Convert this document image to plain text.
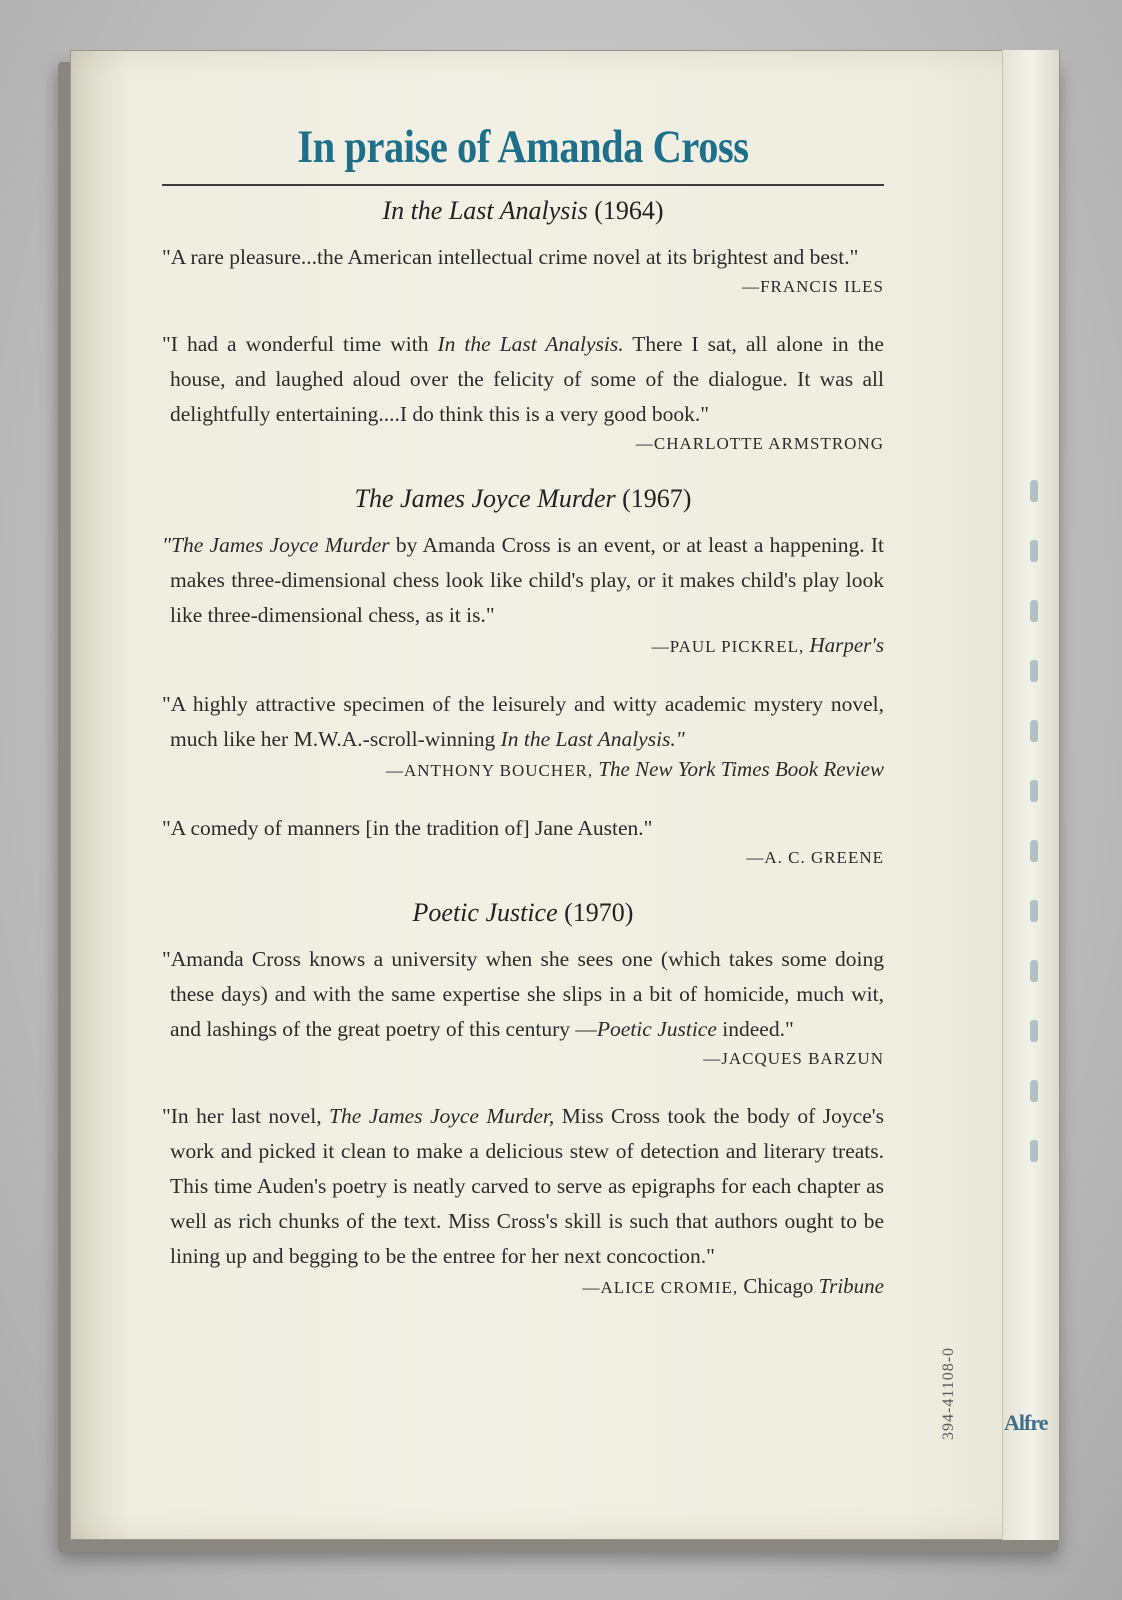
Alfre
394-41108-0
In praise of Amanda Cross
In the Last Analysis (1964)

"A rare pleasure...the American intellectual crime novel at its brightest and best."
—FRANCIS ILES

"I had a wonderful time with In the Last Analysis. There I sat, all alone in the house, and laughed aloud over the felicity of some of the dialogue. It was all delightfully entertaining....I do think this is a very good book."
—CHARLOTTE ARMSTRONG

The James Joyce Murder (1967)

"The James Joyce Murder by Amanda Cross is an event, or at least a happening. It makes three-dimensional chess look like child's play, or it makes child's play look like three-dimensional chess, as it is."
—PAUL PICKREL, Harper's

"A highly attractive specimen of the leisurely and witty academic mystery novel, much like her M.W.A.-scroll-winning In the Last Analysis."
—ANTHONY BOUCHER, The New York Times Book Review

"A comedy of manners [in the tradition of] Jane Austen."
—A. C. GREENE

Poetic Justice (1970)

"Amanda Cross knows a university when she sees one (which takes some doing these days) and with the same expertise she slips in a bit of homicide, much wit, and lashings of the great poetry of this century —Poetic Justice indeed."
—JACQUES BARZUN

"In her last novel, The James Joyce Murder, Miss Cross took the body of Joyce's work and picked it clean to make a delicious stew of detection and literary treats. This time Auden's poetry is neatly carved to serve as epigraphs for each chapter as well as rich chunks of the text. Miss Cross's skill is such that authors ought to be lining up and begging to be the entree for her next concoction."
—ALICE CROMIE, Chicago Tribune
